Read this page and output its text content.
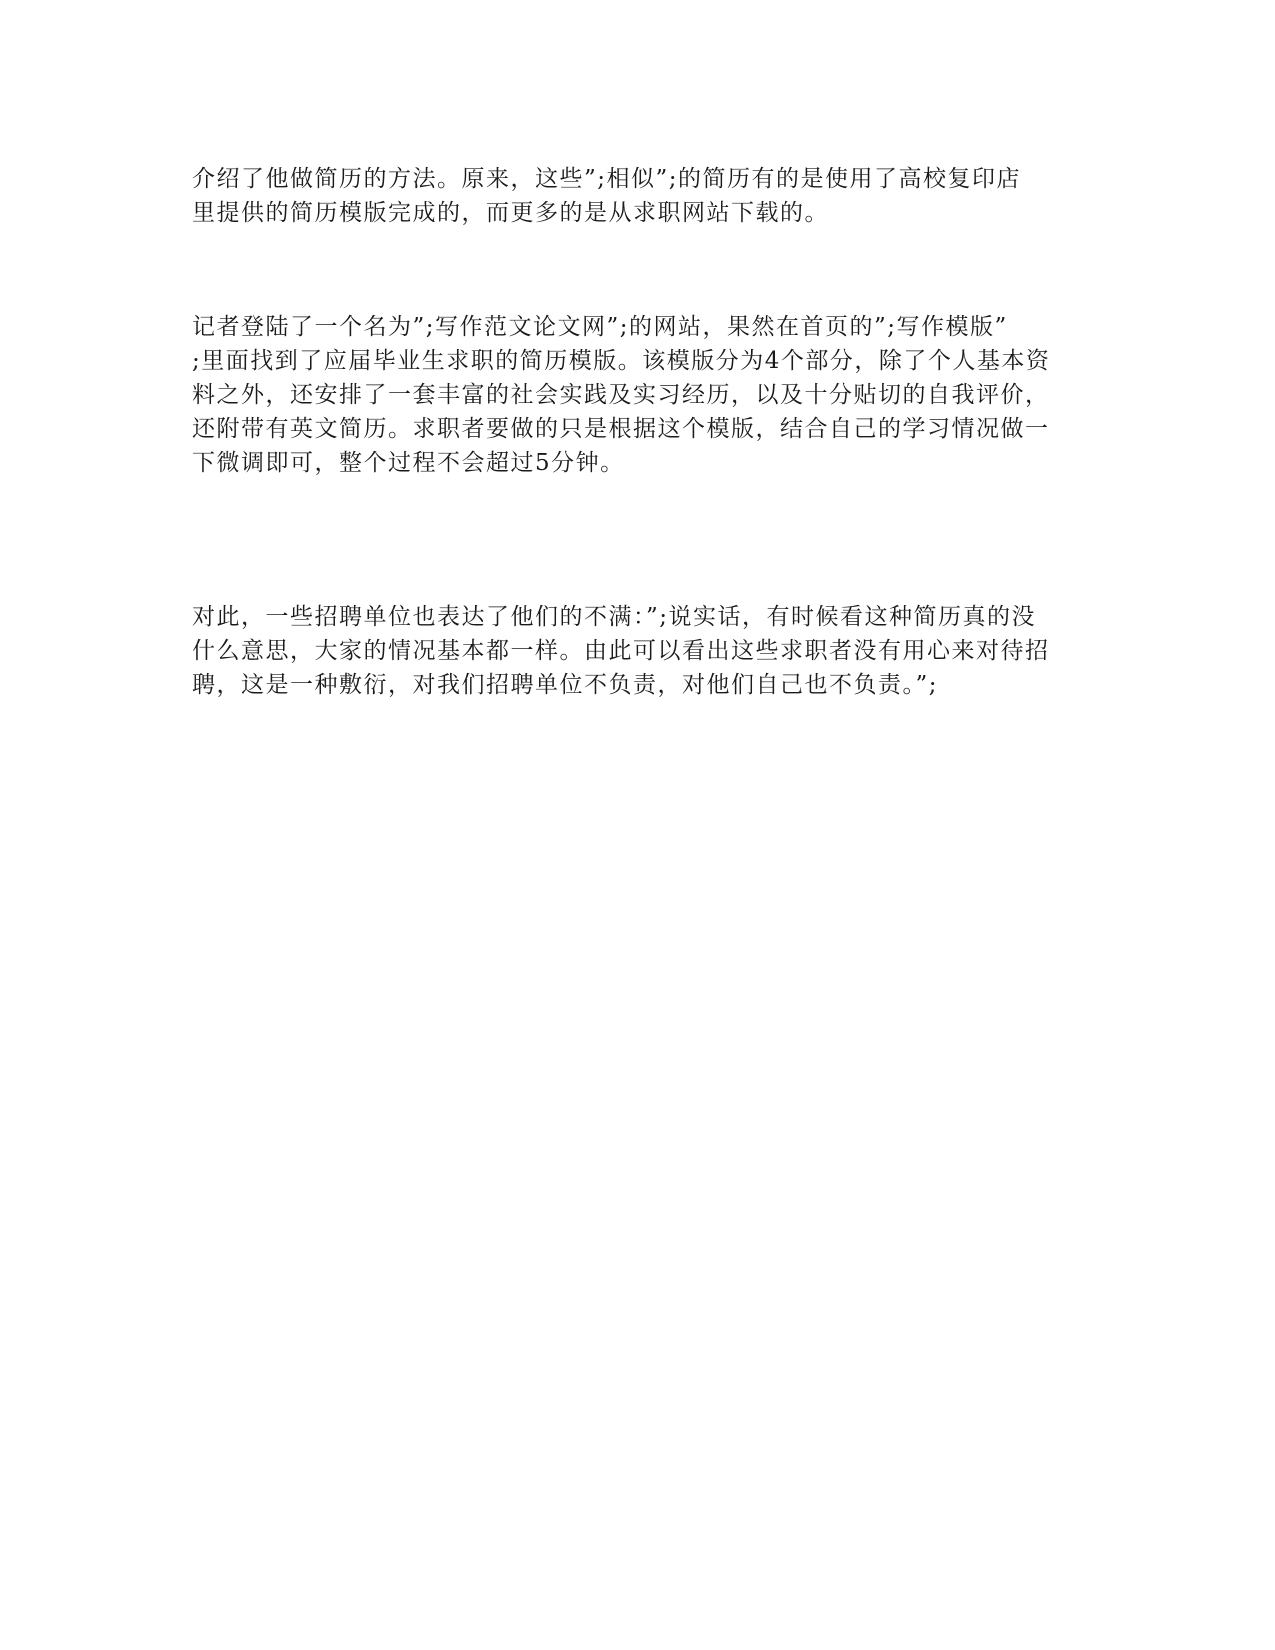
介绍了他做简历的方法。原来，这些”;相似”;的简历有的是使用了高校复印店
里提供的简历模版完成的，而更多的是从求职网站下载的。
记者登陆了一个名为”;写作范文论文网”;的网站，果然在首页的”;写作模版”
;里面找到了应届毕业生求职的简历模版。该模版分为4个部分，除了个人基本资
料之外，还安排了一套丰富的社会实践及实习经历，以及十分贴切的自我评价，
还附带有英文简历。求职者要做的只是根据这个模版，结合自己的学习情况做一
下微调即可，整个过程不会超过5分钟。
对此，一些招聘单位也表达了他们的不满：”;说实话，有时候看这种简历真的没
什么意思，大家的情况基本都一样。由此可以看出这些求职者没有用心来对待招
聘，这是一种敷衍，对我们招聘单位不负责，对他们自己也不负责。”;
